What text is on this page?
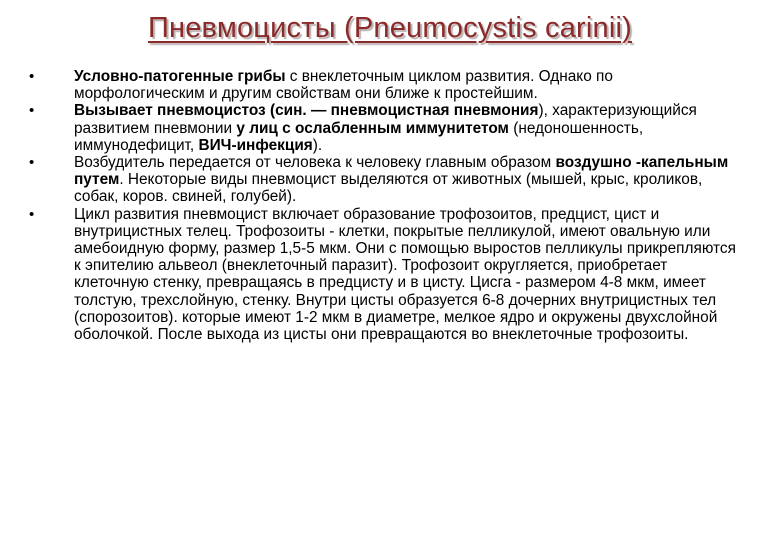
Пневмоцисты (Pneumocystis carinii)
•	Условно-патогенные грибы с внеклеточным циклом развития. Однако по морфологическим и другим свойствам они ближе к простейшим.
•	Вызывает пневмоцистоз (син. — пневмоцистная пневмония), характеризующийся развитием пневмонии у лиц с ослабленным иммунитетом (недоношенность, иммунодефицит, ВИЧ-инфекция).
•	Возбудитель передается от человека к человеку главным образом воздушно -капельным путем. Некоторые виды пневмоцист выделяются от животных (мышей, крыс, кроликов, собак, коров. свиней, голубей).
•	Цикл развития пневмоцист включает образование трофозоитов, предцист, цист и внутрицистных телец. Трофозоиты - клетки, покрытые пелликулой, имеют овальную или амебоидную форму, размер 1,5-5 мкм. Они с помощью выростов пелликулы прикрепляются к эпителию альвеол (внеклеточный паразит). Трофозоит округляется, приобретает клеточную стенку, превращаясь в предцисту и в цисту. Цисга - размером 4-8 мкм, имеет толстую, трехслойную, стенку. Внутри цисты образуется 6-8 дочерних внутрицистных тел (спорозоитов). которые имеют 1-2 мкм в диаметре, мелкое ядро и окружены двухслойной оболочкой. После выхода из цисты они превращаются во внеклеточные трофозоиты.
